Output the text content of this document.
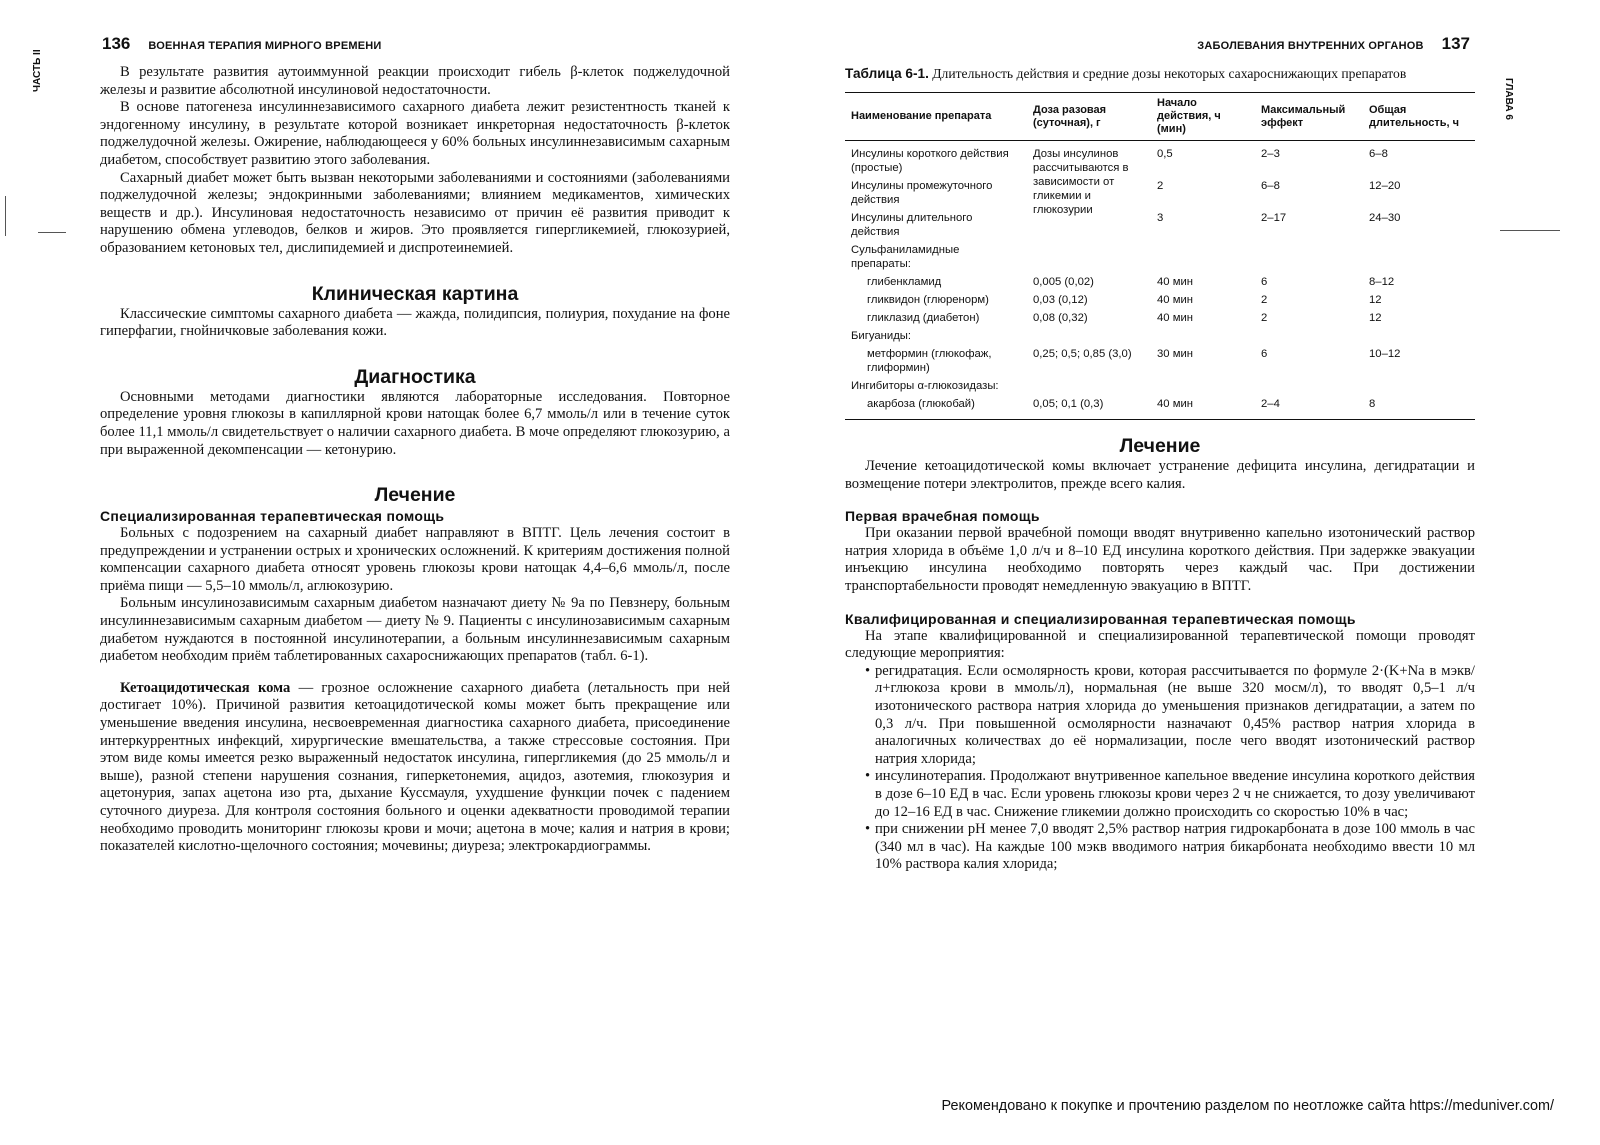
ЧАСТЬ II
136 ВОЕННАЯ ТЕРАПИЯ МИРНОГО ВРЕМЕНИ

В результате развития аутоиммунной реакции происходит гибель β-клеток поджелудочной железы и развитие абсолютной инсулиновой недостаточности.

В основе патогенеза инсулиннезависимого сахарного диабета лежит резистентность тканей к эндогенному инсулину, в результате которой возникает инкреторная недостаточность β-клеток поджелудочной железы. Ожирение, наблюдающееся у 60% больных инсулиннезависимым сахарным диабетом, способствует развитию этого заболевания.

Сахарный диабет может быть вызван некоторыми заболеваниями и состояниями (заболеваниями поджелудочной железы; эндокринными заболеваниями; влиянием медикаментов, химических веществ и др.). Инсулиновая недостаточность независимо от причин её развития приводит к нарушению обмена углеводов, белков и жиров. Это проявляется гипергликемией, глюкозурией, образованием кетоновых тел, дислипидемией и диспротеинемией.

Клиническая картина

Классические симптомы сахарного диабета — жажда, полидипсия, полиурия, похудание на фоне гиперфагии, гнойничковые заболевания кожи.

Диагностика

Основными методами диагностики являются лабораторные исследования. Повторное определение уровня глюкозы в капиллярной крови натощак более 6,7 ммоль/л или в течение суток более 11,1 ммоль/л свидетельствует о наличии сахарного диабета. В моче определяют глюкозурию, а при выраженной декомпенсации — кетонурию.

Лечение
Специализированная терапевтическая помощь

Больных с подозрением на сахарный диабет направляют в ВПТГ. Цель лечения состоит в предупреждении и устранении острых и хронических осложнений. К критериям достижения полной компенсации сахарного диабета относят уровень глюкозы крови натощак 4,4–6,6 ммоль/л, после приёма пищи — 5,5–10 ммоль/л, аглюкозурию.

Больным инсулинозависимым сахарным диабетом назначают диету № 9а по Певзнеру, больным инсулиннезависимым сахарным диабетом — диету № 9. Пациенты с инсулинозависимым сахарным диабетом нуждаются в постоянной инсулинотерапии, а больным инсулиннезависимым сахарным диабетом необходим приём таблетированных сахароснижающих препаратов (табл. 6-1).

Кетоацидотическая кома — грозное осложнение сахарного диабета (летальность при ней достигает 10%). Причиной развития кетоацидотической комы может быть прекращение или уменьшение введения инсулина, несвоевременная диагностика сахарного диабета, присоединение интеркуррентных инфекций, хирургические вмешательства, а также стрессовые состояния. При этом виде комы имеется резко выраженный недостаток инсулина, гипергликемия (до 25 ммоль/л и выше), разной степени нарушения сознания, гиперкетонемия, ацидоз, азотемия, глюкозурия и ацетонурия, запах ацетона изо рта, дыхание Куссмауля, ухудшение функции почек с падением суточного диуреза. Для контроля состояния больного и оценки адекватности проводимой терапии необходимо проводить мониторинг глюкозы крови и мочи; ацетона в моче; калия и натрия в крови; показателей кислотно-щелочного состояния; мочевины; диуреза; электрокардиограммы.

ГЛАВА 6
ЗАБОЛЕВАНИЯ ВНУТРЕННИХ ОРГАНОВ 137
Таблица 6-1. Длительность действия и средние дозы некоторых сахароснижающих препаратов
Наименование препарата	Доза разовая (суточная), г	Начало действия, ч (мин)	Максимальный эффект	Общая длительность, ч
Инсулины короткого действия (простые)	Дозы инсулинов рассчитываются в зависимости от гликемии и глюкозурии	0,5	2–3	6–8
Инсулины промежуточного действия		2	6–8	12–20
Инсулины длительного действия		3	2–17	24–30
Сульфаниламидные препараты:				
глибенкламид	0,005 (0,02)	40 мин	6	8–12
гликвидон (глюренорм)	0,03 (0,12)	40 мин	2	12
гликлазид (диабетон)	0,08 (0,32)	40 мин	2	12
Бигуаниды:				
метформин (глюкофаж, глиформин)	0,25; 0,5; 0,85 (3,0)	30 мин	6	10–12
Ингибиторы α-глюкозидазы:				
акарбоза (глюкобай)	0,05; 0,1 (0,3)	40 мин	2–4	8
Лечение

Лечение кетоацидотической комы включает устранение дефицита инсулина, дегидратации и возмещение потери электролитов, прежде всего калия.

Первая врачебная помощь

При оказании первой врачебной помощи вводят внутривенно капельно изотонический раствор натрия хлорида в объёме 1,0 л/ч и 8–10 ЕД инсулина короткого действия. При задержке эвакуации инъекцию инсулина необходимо повторять через каждый час. При достижении транспортабельности проводят немедленную эвакуацию в ВПТГ.

Квалифицированная и специализированная терапевтическая помощь

На этапе квалифицированной и специализированной терапевтической помощи проводят следующие мероприятия:

• регидратация. Если осмолярность крови, которая рассчитывается по формуле 2·(K+Na в мэкв/л+глюкоза крови в ммоль/л), нормальная (не выше 320 мосм/л), то вводят 0,5–1 л/ч изотонического раствора натрия хлорида до уменьшения признаков дегидратации, а затем по 0,3 л/ч. При повышенной осмолярности назначают 0,45% раствор натрия хлорида в аналогичных количествах до её нормализации, после чего вводят изотонический раствор натрия хлорида;
• инсулинотерапия. Продолжают внутривенное капельное введение инсулина короткого действия в дозе 6–10 ЕД в час. Если уровень глюкозы крови через 2 ч не снижается, то дозу увеличивают до 12–16 ЕД в час. Снижение гликемии должно происходить со скоростью 10% в час;
• при снижении pH менее 7,0 вводят 2,5% раствор натрия гидрокарбоната в дозе 100 ммоль в час (340 мл в час). На каждые 100 мэкв вводимого натрия бикарбоната необходимо ввести 10 мл 10% раствора калия хлорида;
Рекомендовано к покупке и прочтению разделом по неотложке сайта https://meduniver.com/
